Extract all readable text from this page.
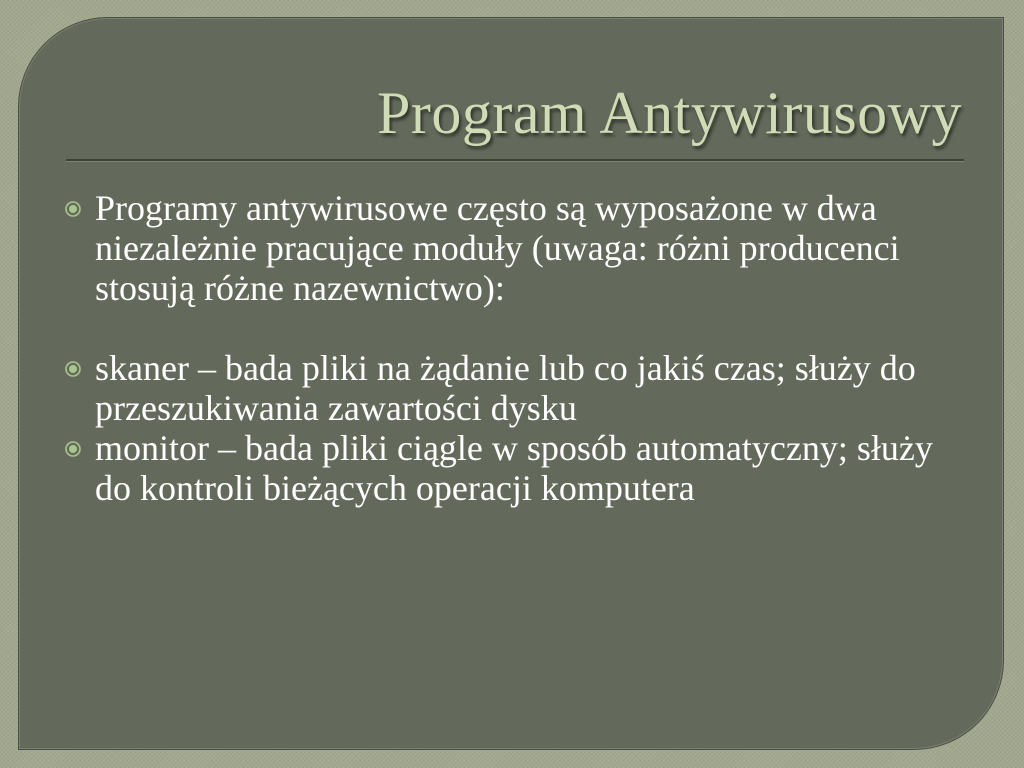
Program Antywirusowy
Programy antywirusowe często są wyposażone w dwa niezależnie pracujące moduły (uwaga: różni producenci stosują różne nazewnictwo):
skaner – bada pliki na żądanie lub co jakiś czas; służy do przeszukiwania zawartości dysku
monitor – bada pliki ciągle w sposób automatyczny; służy do kontroli bieżących operacji komputera
